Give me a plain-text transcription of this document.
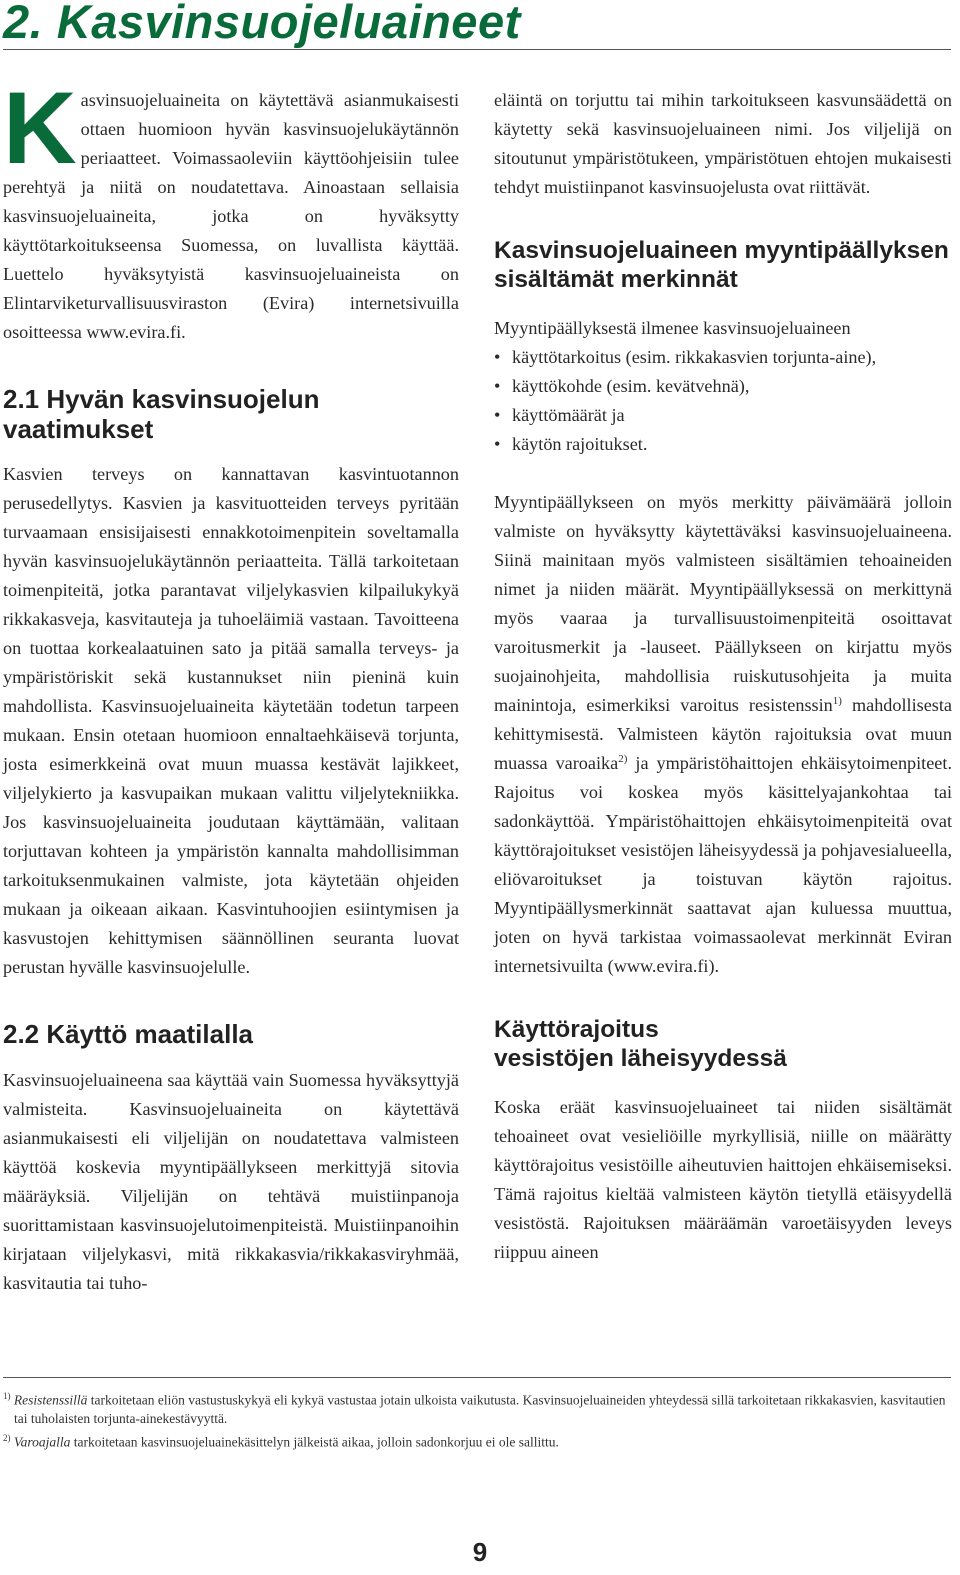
2. Kasvinsuojeluaineet

Kasvinsuojeluaineita on käytettävä asianmukaisesti ottaen huomioon hyvän kasvinsuojelukäytännön periaatteet. Voimassaoleviin käyttöohjeisiin tulee perehtyä ja niitä on noudatettava. Ainoastaan sellaisia kasvinsuojeluaineita, jotka on hyväksytty käyttötarkoitukseensa Suomessa, on luvallista käyttää. Luettelo hyväksytyistä kasvinsuojeluaineista on Elintarviketurvallisuusviraston (Evira) internetsivuilla osoitteessa www.evira.fi.

2.1 Hyvän kasvinsuojelun
vaatimukset

Kasvien terveys on kannattavan kasvintuotannon perusedellytys. Kasvien ja kasvituotteiden terveys pyritään turvaamaan ensisijaisesti ennakkotoimenpitein soveltamalla hyvän kasvinsuojelukäytännön periaatteita. Tällä tarkoitetaan toimenpiteitä, jotka parantavat viljelykasvien kilpailukykyä rikkakasveja, kasvitauteja ja tuhoeläimiä vastaan. Tavoitteena on tuottaa korkealaatuinen sato ja pitää samalla terveys- ja ympäristöriskit sekä kustannukset niin pieninä kuin mahdollista. Kasvinsuojeluaineita käytetään todetun tarpeen mukaan. Ensin otetaan huomioon ennaltaehkäisevä torjunta, josta esimerkkeinä ovat muun muassa kestävät lajikkeet, viljelykierto ja kasvupaikan mukaan valittu viljelytekniikka. Jos kasvinsuojeluaineita joudutaan käyttämään, valitaan torjuttavan kohteen ja ympäristön kannalta mahdollisimman tarkoituksenmukainen valmiste, jota käytetään ohjeiden mukaan ja oikeaan aikaan. Kasvintuhoojien esiintymisen ja kasvustojen kehittymisen säännöllinen seuranta luovat perustan hyvälle kasvinsuojelulle.

2.2 Käyttö maatilalla

Kasvinsuojeluaineena saa käyttää vain Suomessa hyväksyttyjä valmisteita. Kasvinsuojeluaineita on käytettävä asianmukaisesti eli viljelijän on noudatettava valmisteen käyttöä koskevia myyntipäällykseen merkittyjä sitovia määräyksiä. Viljelijän on tehtävä muistiinpanoja suorittamistaan kasvinsuojelutoimenpiteistä. Muistiinpanoihin kirjataan viljelykasvi, mitä rikkakasvia/rikkakasviryhmää, kasvitautia tai tuho-

eläintä on torjuttu tai mihin tarkoitukseen kasvunsäädettä on käytetty sekä kasvinsuojeluaineen nimi. Jos viljelijä on sitoutunut ympäristötukeen, ympäristötuen ehtojen mukaisesti tehdyt muistiinpanot kasvinsuojelusta ovat riittävät.

Kasvinsuojeluaineen myyntipäällyksen
sisältämät merkinnät

Myyntipäällyksestä ilmenee kasvinsuojeluaineen

• käyttötarkoitus (esim. rikkakasvien torjunta-aine),
• käyttökohde (esim. kevätvehnä),
• käyttömäärät ja
• käytön rajoitukset.

Myyntipäällykseen on myös merkitty päivämäärä jolloin valmiste on hyväksytty käytettäväksi kasvinsuojeluaineena. Siinä mainitaan myös valmisteen sisältämien tehoaineiden nimet ja niiden määrät. Myyntipäällyksessä on merkittynä myös vaaraa ja turvallisuustoimenpiteitä osoittavat varoitusmerkit ja -lauseet. Päällykseen on kirjattu myös suojainohjeita, mahdollisia ruiskutusohjeita ja muita mainintoja, esimerkiksi varoitus resistenssin$^{1)}$ mahdollisesta kehittymisestä. Valmisteen käytön rajoituksia ovat muun muassa varoaika$^{2)}$ ja ympäristöhaittojen ehkäisytoimenpiteet. Rajoitus voi koskea myös käsittelyajankohtaa tai sadonkäyttöä. Ympäristöhaittojen ehkäisytoimenpiteitä ovat käyttörajoitukset vesistöjen läheisyydessä ja pohjavesialueella, eliövaroitukset ja toistuvan käytön rajoitus. Myyntipäällysmerkinnät saattavat ajan kuluessa muuttua, joten on hyvä tarkistaa voimassaolevat merkinnät Eviran internetsivuilta (www.evira.fi).

Käyttörajoitus
vesistöjen läheisyydessä

Koska eräät kasvinsuojeluaineet tai niiden sisältämät tehoaineet ovat vesieliöille myrkyllisiä, niille on määrätty käyttörajoitus vesistöille aiheutuvien haittojen ehkäisemiseksi. Tämä rajoitus kieltää valmisteen käytön tietyllä etäisyydellä vesistöstä. Rajoituksen määräämän varoetäisyyden leveys riippuu aineen

$^{1)}$ Resistenssillä tarkoitetaan eliön vastustuskykyä eli kykyä vastustaa jotain ulkoista vaikutusta. Kasvinsuojeluaineiden yhteydessä sillä tarkoitetaan rikkakasvien, kasvitautien tai tuholaisten torjunta-ainekestävyyttä.
$^{2)}$ Varoajalla tarkoitetaan kasvinsuojeluainekäsittelyn jälkeistä aikaa, jolloin sadonkorjuu ei ole sallittu.
9
